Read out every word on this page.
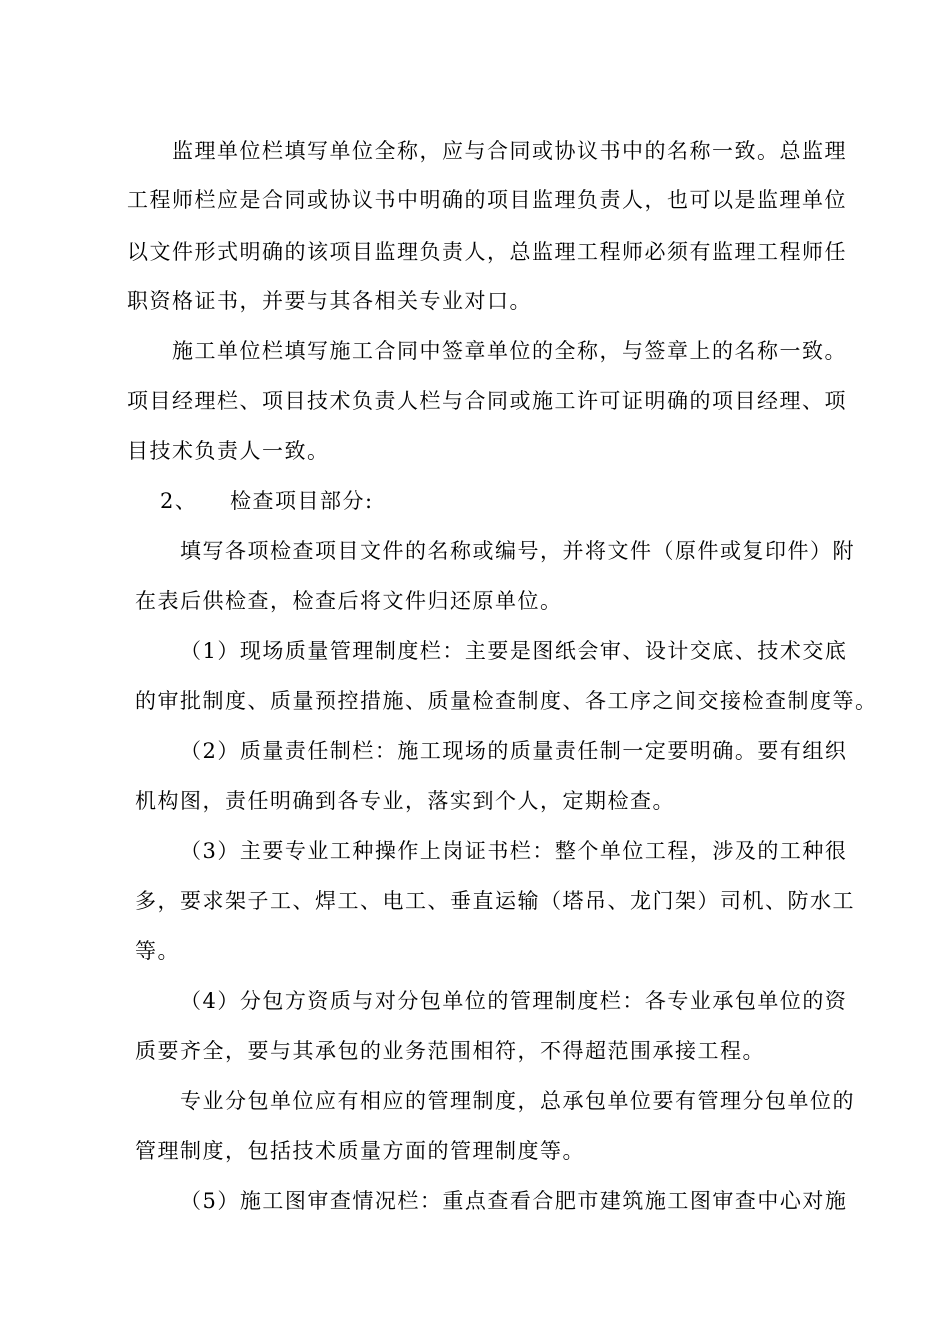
监理单位栏填写单位全称，应与合同或协议书中的名称一致。总监理
工程师栏应是合同或协议书中明确的项目监理负责人，也可以是监理单位
以文件形式明确的该项目监理负责人，总监理工程师必须有监理工程师任
职资格证书，并要与其各相关专业对口。
施工单位栏填写施工合同中签章单位的全称，与签章上的名称一致。
项目经理栏、项目技术负责人栏与合同或施工许可证明确的项目经理、项
目技术负责人一致。
2、    检查项目部分:
填写各项检查项目文件的名称或编号，并将文件（原件或复印件）附
在表后供检查，检查后将文件归还原单位。
（1）现场质量管理制度栏：主要是图纸会审、设计交底、技术交底
的审批制度、质量预控措施、质量检查制度、各工序之间交接检查制度等。
（2）质量责任制栏：施工现场的质量责任制一定要明确。要有组织
机构图，责任明确到各专业，落实到个人，定期检查。
（3）主要专业工种操作上岗证书栏：整个单位工程，涉及的工种很
多，要求架子工、焊工、电工、垂直运输（塔吊、龙门架）司机、防水工
等。
（4）分包方资质与对分包单位的管理制度栏：各专业承包单位的资
质要齐全，要与其承包的业务范围相符，不得超范围承接工程。
专业分包单位应有相应的管理制度，总承包单位要有管理分包单位的
管理制度，包括技术质量方面的管理制度等。
（5）施工图审查情况栏：重点查看合肥市建筑施工图审查中心对施
